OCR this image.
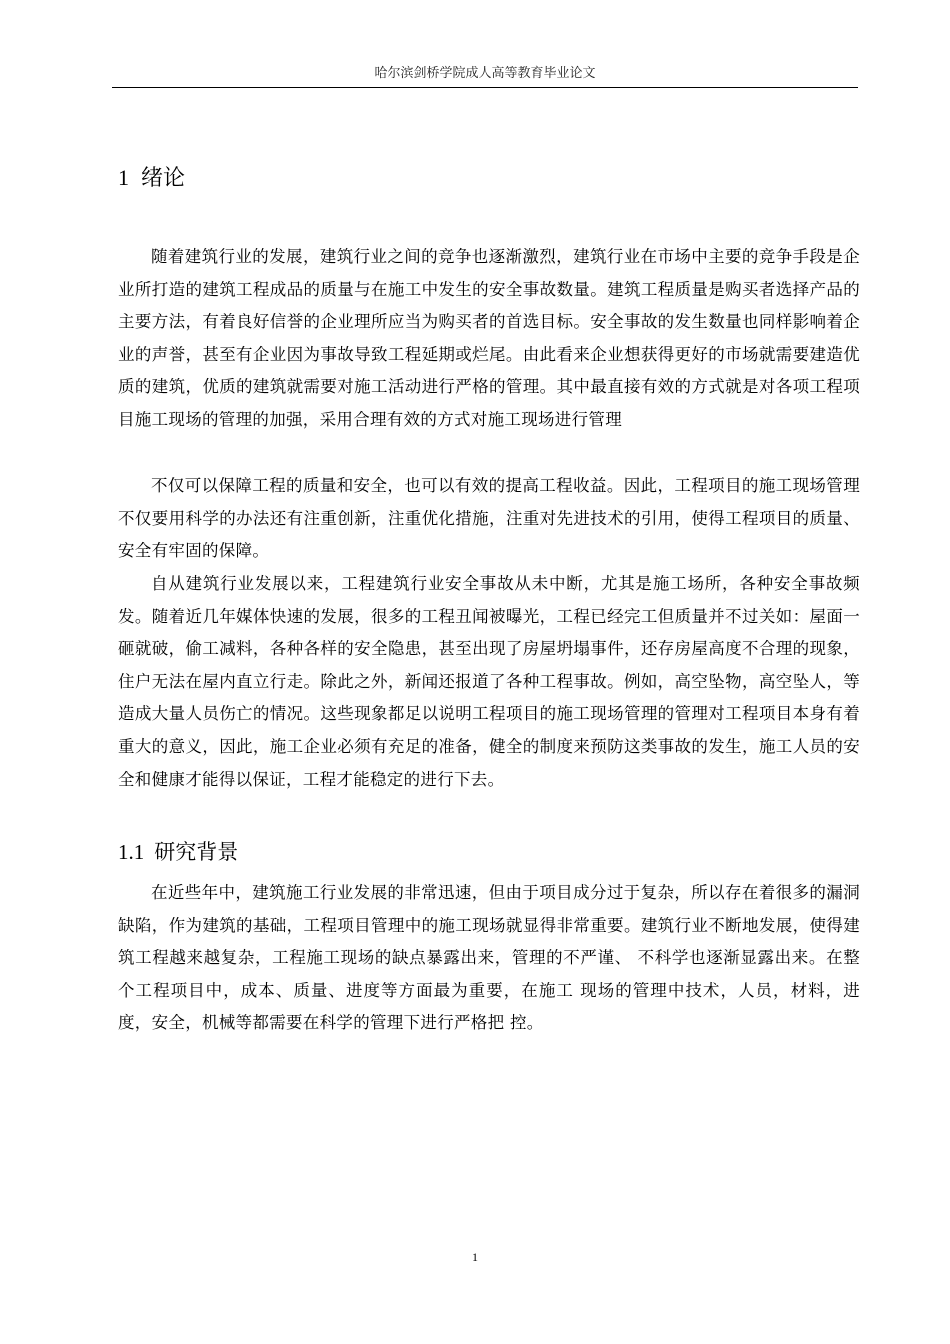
哈尔滨剑桥学院成人高等教育毕业论文
1 绪论

随着建筑行业的发展，建筑行业之间的竞争也逐渐激烈，建筑行业在市场中主要的竞争手段是企业所打造的建筑工程成品的质量与在施工中发生的安全事故数量。建筑工程质量是购买者选择产品的主要方法，有着良好信誉的企业理所应当为购买者的首选目标。安全事故的发生数量也同样影响着企业的声誉，甚至有企业因为事故导致工程延期或烂尾。由此看来企业想获得更好的市场就需要建造优质的建筑，优质的建筑就需要对施工活动进行严格的管理。其中最直接有效的方式就是对各项工程项目施工现场的管理的加强，采用合理有效的方式对施工现场进行管理

不仅可以保障工程的质量和安全，也可以有效的提高工程收益。因此，工程项目的施工现场管理不仅要用科学的办法还有注重创新，注重优化措施，注重对先进技术的引用，使得工程项目的质量、安全有牢固的保障。

自从建筑行业发展以来，工程建筑行业安全事故从未中断，尤其是施工场所，各种安全事故频发。随着近几年媒体快速的发展，很多的工程丑闻被曝光，工程已经完工但质量并不过关如：屋面一砸就破，偷工减料，各种各样的安全隐患，甚至出现了房屋坍塌事件，还存房屋高度不合理的现象，住户无法在屋内直立行走。除此之外，新闻还报道了各种工程事故。例如，高空坠物，高空坠人，等造成大量人员伤亡的情况。这些现象都足以说明工程项目的施工现场管理的管理对工程项目本身有着重大的意义，因此，施工企业必须有充足的准备，健全的制度来预防这类事故的发生，施工人员的安全和健康才能得以保证，工程才能稳定的进行下去。

1.1 研究背景

在近些年中，建筑施工行业发展的非常迅速，但由于项目成分过于复杂，所以存在着很多的漏洞缺陷，作为建筑的基础，工程项目管理中的施工现场就显得非常重要。建筑行业不断地发展，使得建筑工程越来越复杂，工程施工现场的缺点暴露出来，管理的不严谨、 不科学也逐渐显露出来。在整个工程项目中，成本、质量、进度等方面最为重要，在施工 现场的管理中技术，人员，材料，进度，安全，机械等都需要在科学的管理下进行严格把 控。

1
